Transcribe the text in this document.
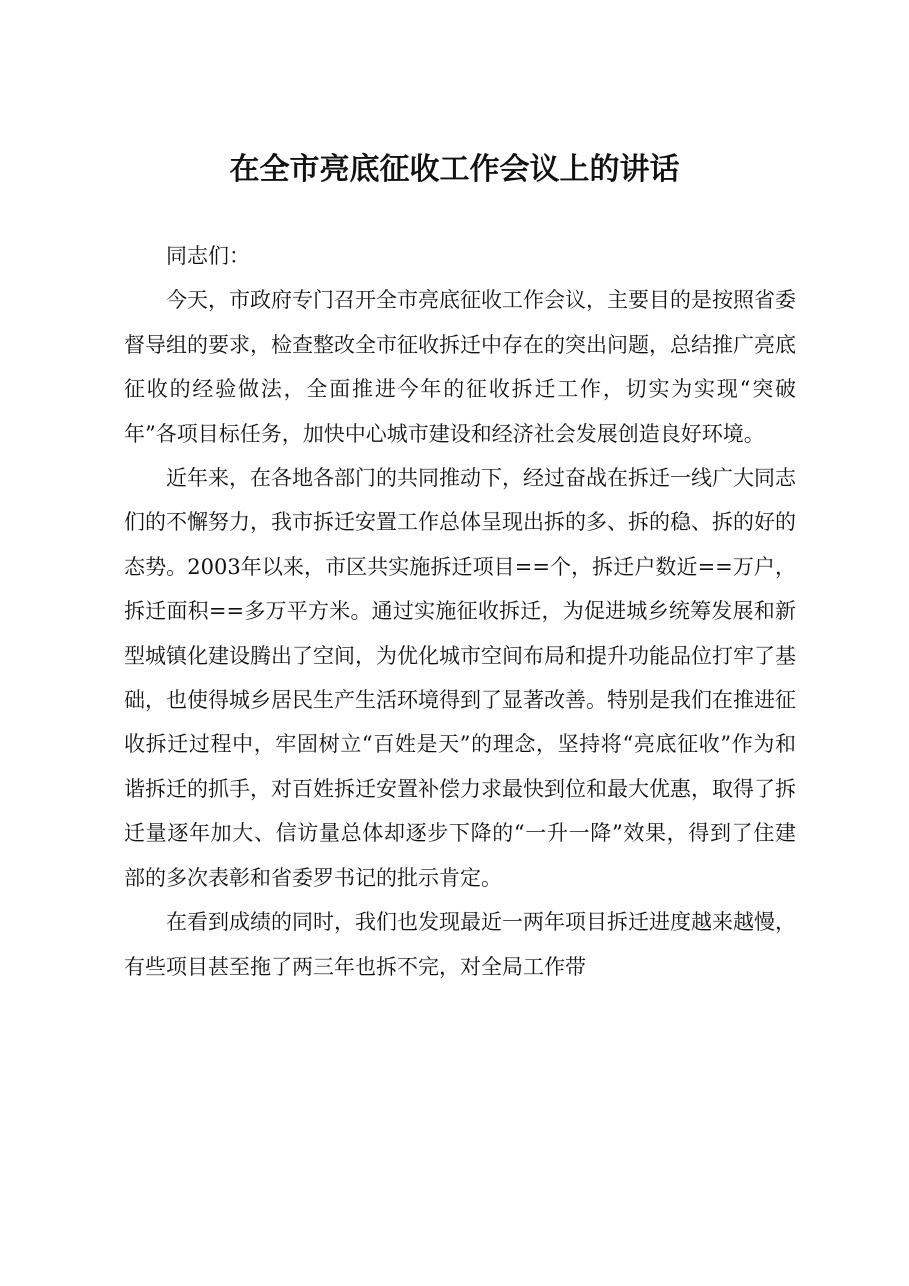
在全市亮底征收工作会议上的讲话

同志们：

今天，市政府专门召开全市亮底征收工作会议，主要目的是按照省委督导组的要求，检查整改全市征收拆迁中存在的突出问题，总结推广亮底征收的经验做法，全面推进今年的征收拆迁工作，切实为实现“突破年”各项目标任务，加快中心城市建设和经济社会发展创造良好环境。

近年来，在各地各部门的共同推动下，经过奋战在拆迁一线广大同志们的不懈努力，我市拆迁安置工作总体呈现出拆的多、拆的稳、拆的好的态势。2003年以来，市区共实施拆迁项目==个，拆迁户数近==万户，拆迁面积==多万平方米。通过实施征收拆迁，为促进城乡统筹发展和新型城镇化建设腾出了空间，为优化城市空间布局和提升功能品位打牢了基础，也使得城乡居民生产生活环境得到了显著改善。特别是我们在推进征收拆迁过程中，牢固树立“百姓是天”的理念，坚持将“亮底征收”作为和谐拆迁的抓手，对百姓拆迁安置补偿力求最快到位和最大优惠，取得了拆迁量逐年加大、信访量总体却逐步下降的“一升一降”效果，得到了住建部的多次表彰和省委罗书记的批示肯定。

在看到成绩的同时，我们也发现最近一两年项目拆迁进度越来越慢，有些项目甚至拖了两三年也拆不完，对全局工作带
